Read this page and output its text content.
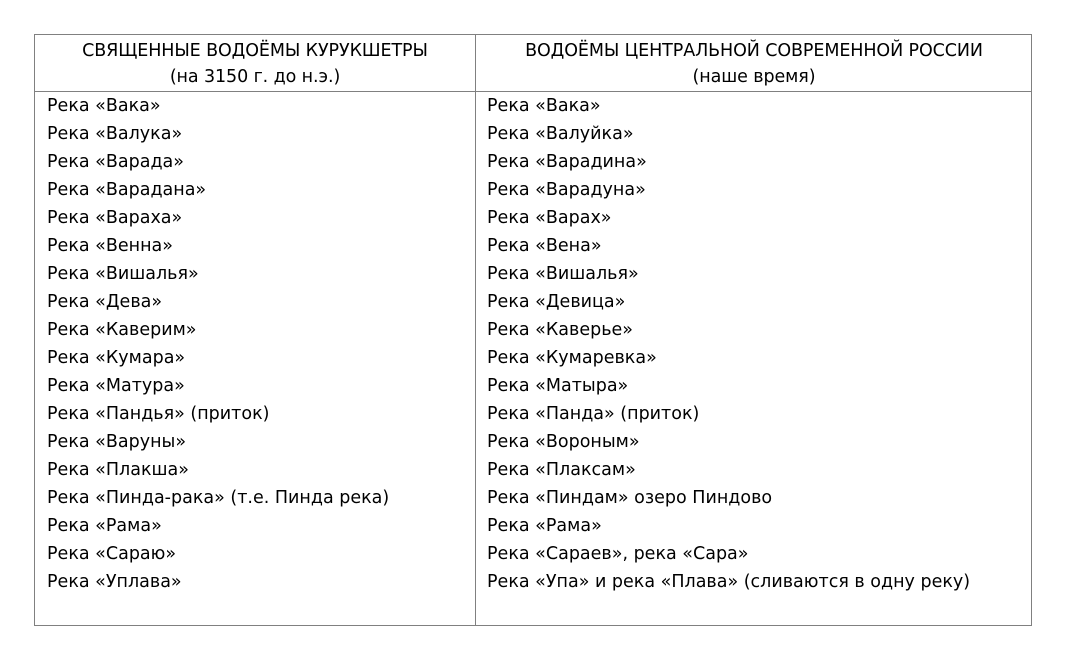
СВЯЩЕННЫЕ ВОДОЁМЫ КУРУКШЕТРЫ
(на 3150 г. до н.э.)
ВОДОЁМЫ ЦЕНТРАЛЬНОЙ СОВРЕМЕННОЙ РОССИИ
(наше время)
Река «Вака»
Река «Валука»
Река «Варада»
Река «Варадана»
Река «Вараха»
Река «Венна»
Река «Вишалья»
Река «Дева»
Река «Каверим»
Река «Кумара»
Река «Матура»
Река «Пандья» (приток)
Река «Варуны»
Река «Плакша»
Река «Пинда-рака» (т.е. Пинда река)
Река «Рама»
Река «Сараю»
Река «Уплава»
Река «Вака»
Река «Валуйка»
Река «Варадина»
Река «Варадуна»
Река «Варах»
Река «Вена»
Река «Вишалья»
Река «Девица»
Река «Каверье»
Река «Кумаревка»
Река «Матыра»
Река «Панда» (приток)
Река «Вороным»
Река «Плаксам»
Река «Пиндам» озеро Пиндово
Река «Рама»
Река «Сараев», река «Сара»
Река «Упа» и река «Плава» (сливаются в одну реку)
